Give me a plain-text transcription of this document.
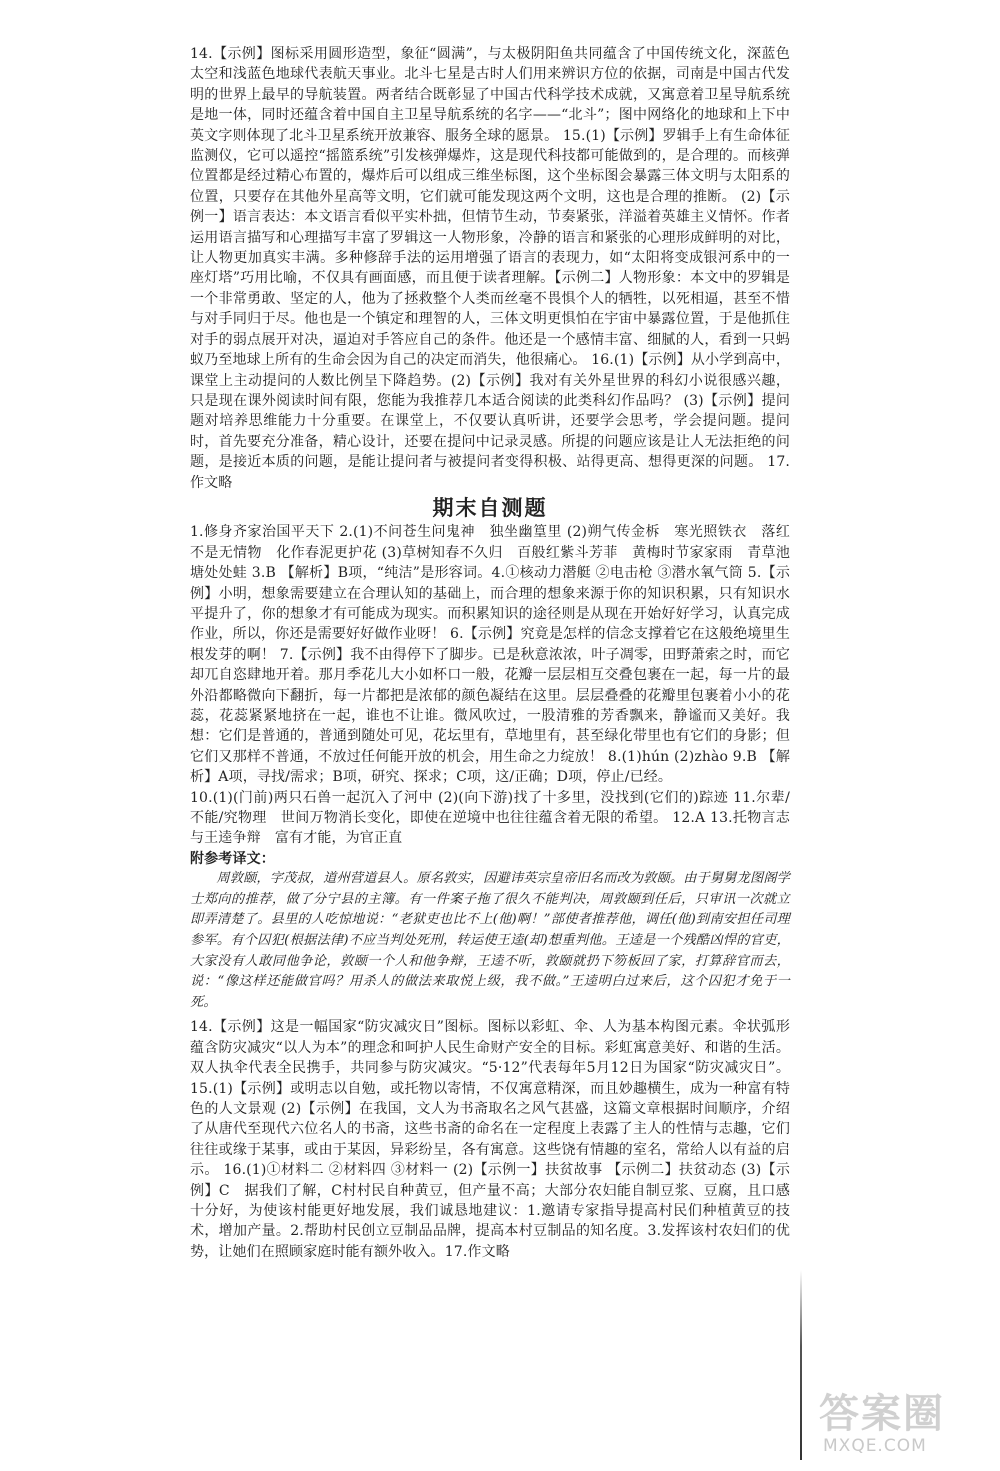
14.【示例】图标采用圆形造型，象征“圆满”，与太极阴阳鱼共同蕴含了中国传统文化，深蓝色太空和浅蓝色地球代表航天事业。北斗七星是古时人们用来辨识方位的依据，司南是中国古代发明的世界上最早的导航装置。两者结合既彰显了中国古代科学技术成就，又寓意着卫星导航系统是地一体，同时还蕴含着中国自主卫星导航系统的名字——“北斗”；图中网络化的地球和上下中英文字则体现了北斗卫星系统开放兼容、服务全球的愿景。 15.(1)【示例】罗辑手上有生命体征监测仪，它可以遥控“摇篮系统”引发核弹爆炸，这是现代科技都可能做到的，是合理的。而核弹位置都是经过精心布置的，爆炸后可以组成三维坐标图，这个坐标图会暴露三体文明与太阳系的位置，只要存在其他外星高等文明，它们就可能发现这两个文明，这也是合理的推断。 (2)【示例一】语言表达：本文语言看似平实朴拙，但情节生动，节奏紧张，洋溢着英雄主义情怀。作者运用语言描写和心理描写丰富了罗辑这一人物形象，冷静的语言和紧张的心理形成鲜明的对比，让人物更加真实丰满。多种修辞手法的运用增强了语言的表现力，如“太阳将变成银河系中的一座灯塔”巧用比喻，不仅具有画面感，而且便于读者理解。【示例二】人物形象：本文中的罗辑是一个非常勇敢、坚定的人，他为了拯救整个人类而丝毫不畏惧个人的牺牲，以死相逼，甚至不惜与对手同归于尽。他也是一个镇定和理智的人，三体文明更惧怕在宇宙中暴露位置，于是他抓住对手的弱点展开对决，逼迫对手答应自己的条件。他还是一个感情丰富、细腻的人，看到一只蚂蚁乃至地球上所有的生命会因为自己的决定而消失，他很痛心。 16.(1)【示例】从小学到高中，课堂上主动提问的人数比例呈下降趋势。(2)【示例】我对有关外星世界的科幻小说很感兴趣，只是现在课外阅读时间有限，您能为我推荐几本适合阅读的此类科幻作品吗？ (3)【示例】提问题对培养思维能力十分重要。在课堂上，不仅要认真听讲，还要学会思考，学会提问题。提问时，首先要充分准备，精心设计，还要在提问中记录灵感。所提的问题应该是让人无法拒绝的问题，是接近本质的问题，是能让提问者与被提问者变得积极、站得更高、想得更深的问题。 17.作文略

期末自测题

1.修身齐家治国平天下 2.(1)不问苍生问鬼神　独坐幽篁里 (2)朔气传金柝　寒光照铁衣　落红不是无情物　化作春泥更护花 (3)草树知春不久归　百般红紫斗芳菲　黄梅时节家家雨　青草池塘处处蛙 3.B 【解析】B项，“纯洁”是形容词。4.①核动力潜艇 ②电击枪 ③潜水氧气筒 5.【示例】小明，想象需要建立在合理认知的基础上，而合理的想象来源于你的知识积累，只有知识水平提升了，你的想象才有可能成为现实。而积累知识的途径则是从现在开始好好学习，认真完成作业，所以，你还是需要好好做作业呀！ 6.【示例】究竟是怎样的信念支撑着它在这般绝境里生根发芽的啊！ 7.【示例】我不由得停下了脚步。已是秋意浓浓，叶子凋零，田野萧索之时，而它却兀自恣肆地开着。那月季花儿大小如杯口一般，花瓣一层层相互交叠包裹在一起，每一片的最外沿都略微向下翻折，每一片都把是浓郁的颜色凝结在这里。层层叠叠的花瓣里包裹着小小的花蕊，花蕊紧紧地挤在一起，谁也不让谁。微风吹过，一股清雅的芳香飘来，静谧而又美好。我想：它们是普通的，普通到随处可见，花坛里有，草地里有，甚至绿化带里也有它们的身影；但它们又那样不普通，不放过任何能开放的机会，用生命之力绽放！ 8.(1)hún (2)zhào 9.B 【解析】A项，寻找/需求；B项，研究、探求；C项，这/正确；D项，停止/已经。

10.(1)(门前)两只石兽一起沉入了河中 (2)(向下游)找了十多里，没找到(它们的)踪迹 11.尔辈/不能/究物理　世间万物消长变化，即使在逆境中也往往蕴含着无限的希望。 12.A 13.托物言志　与王逵争辩　富有才能，为官正直

附参考译文：

周敦颐，字茂叔，道州营道县人。原名敦实，因避讳英宗皇帝旧名而改为敦颐。由于舅舅龙图阁学士郑向的推荐，做了分宁县的主簿。有一件案子拖了很久不能判决，周敦颐到任后，只审讯一次就立即弄清楚了。县里的人吃惊地说：“老狱吏也比不上(他)啊！”部使者推荐他，调任(他)到南安担任司理参军。有个囚犯(根据法律)不应当判处死刑，转运使王逵(却)想重判他。王逵是一个残酷凶悍的官吏，大家没有人敢同他争论，敦颐一个人和他争辩，王逵不听，敦颐就扔下笏板回了家，打算辞官而去，说：“像这样还能做官吗？用杀人的做法来取悦上级，我不做。”王逵明白过来后，这个囚犯才免于一死。

14.【示例】这是一幅国家“防灾减灾日”图标。图标以彩虹、伞、人为基本构图元素。伞状弧形蕴含防灾减灾“以人为本”的理念和呵护人民生命财产安全的目标。彩虹寓意美好、和谐的生活。双人执伞代表全民携手，共同参与防灾减灾。“5·12”代表每年5月12日为国家“防灾减灾日”。 15.(1)【示例】或明志以自勉，或托物以寄情，不仅寓意精深，而且妙趣横生，成为一种富有特色的人文景观 (2)【示例】在我国，文人为书斋取名之风气甚盛，这篇文章根据时间顺序，介绍了从唐代至现代六位名人的书斋，这些书斋的命名在一定程度上表露了主人的性情与志趣，它们往往或缘于某事，或由于某因，异彩纷呈，各有寓意。这些饶有情趣的室名，常给人以有益的启示。 16.(1)①材料二 ②材料四 ③材料一 (2)【示例一】扶贫故事 【示例二】扶贫动态 (3)【示例】C　据我们了解，C村村民自种黄豆，但产量不高；大部分农妇能自制豆浆、豆腐，且口感十分好，为使该村能更好地发展，我们诚恳地建议：1.邀请专家指导提高村民们种植黄豆的技术，增加产量。2.帮助村民创立豆制品品牌，提高本村豆制品的知名度。3.发挥该村农妇们的优势，让她们在照顾家庭时能有额外收入。17.作文略

答案圈
MXQE.COM
